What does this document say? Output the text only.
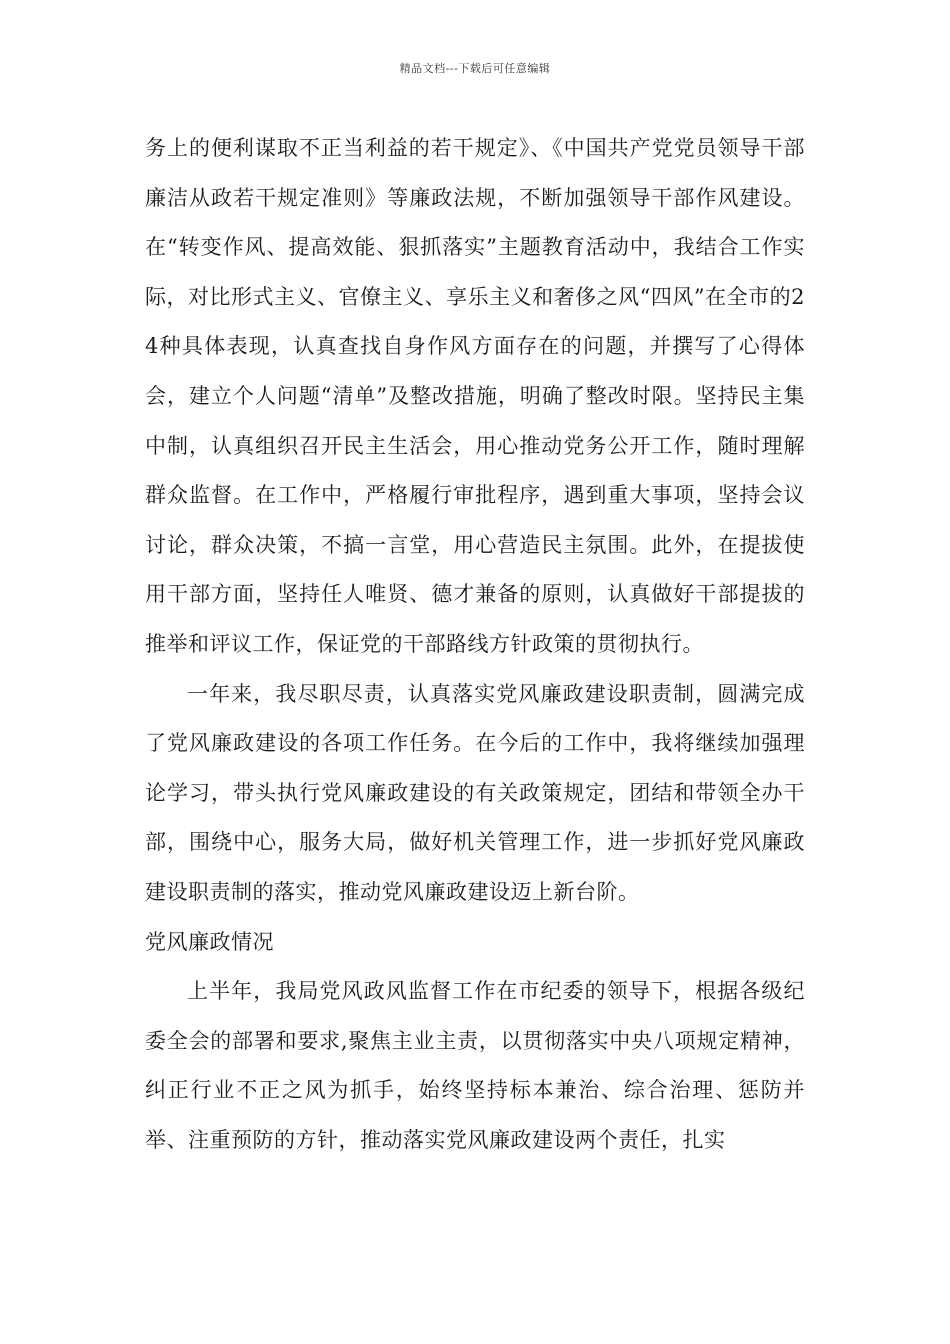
精品文档---下载后可任意编辑

务上的便利谋取不正当利益的若干规定》、《中国共产党党员领导干部廉洁从政若干规定准则》等廉政法规，不断加强领导干部作风建设。在“转变作风、提高效能、狠抓落实”主题教育活动中，我结合工作实际，对比形式主义、官僚主义、享乐主义和奢侈之风“四风”在全市的24种具体表现，认真查找自身作风方面存在的问题，并撰写了心得体会，建立个人问题“清单”及整改措施，明确了整改时限。坚持民主集中制，认真组织召开民主生活会，用心推动党务公开工作，随时理解群众监督。在工作中，严格履行审批程序，遇到重大事项，坚持会议讨论，群众决策，不搞一言堂，用心营造民主氛围。此外，在提拔使用干部方面，坚持任人唯贤、德才兼备的原则，认真做好干部提拔的推举和评议工作，保证党的干部路线方针政策的贯彻执行。

一年来，我尽职尽责，认真落实党风廉政建设职责制，圆满完成了党风廉政建设的各项工作任务。在今后的工作中，我将继续加强理论学习，带头执行党风廉政建设的有关政策规定，团结和带领全办干部，围绕中心，服务大局，做好机关管理工作，进一步抓好党风廉政建设职责制的落实，推动党风廉政建设迈上新台阶。

党风廉政情况

上半年，我局党风政风监督工作在市纪委的领导下，根据各级纪委全会的部署和要求,聚焦主业主责，以贯彻落实中央八项规定精神，纠正行业不正之风为抓手，始终坚持标本兼治、综合治理、惩防并举、注重预防的方针，推动落实党风廉政建设两个责任，扎实
